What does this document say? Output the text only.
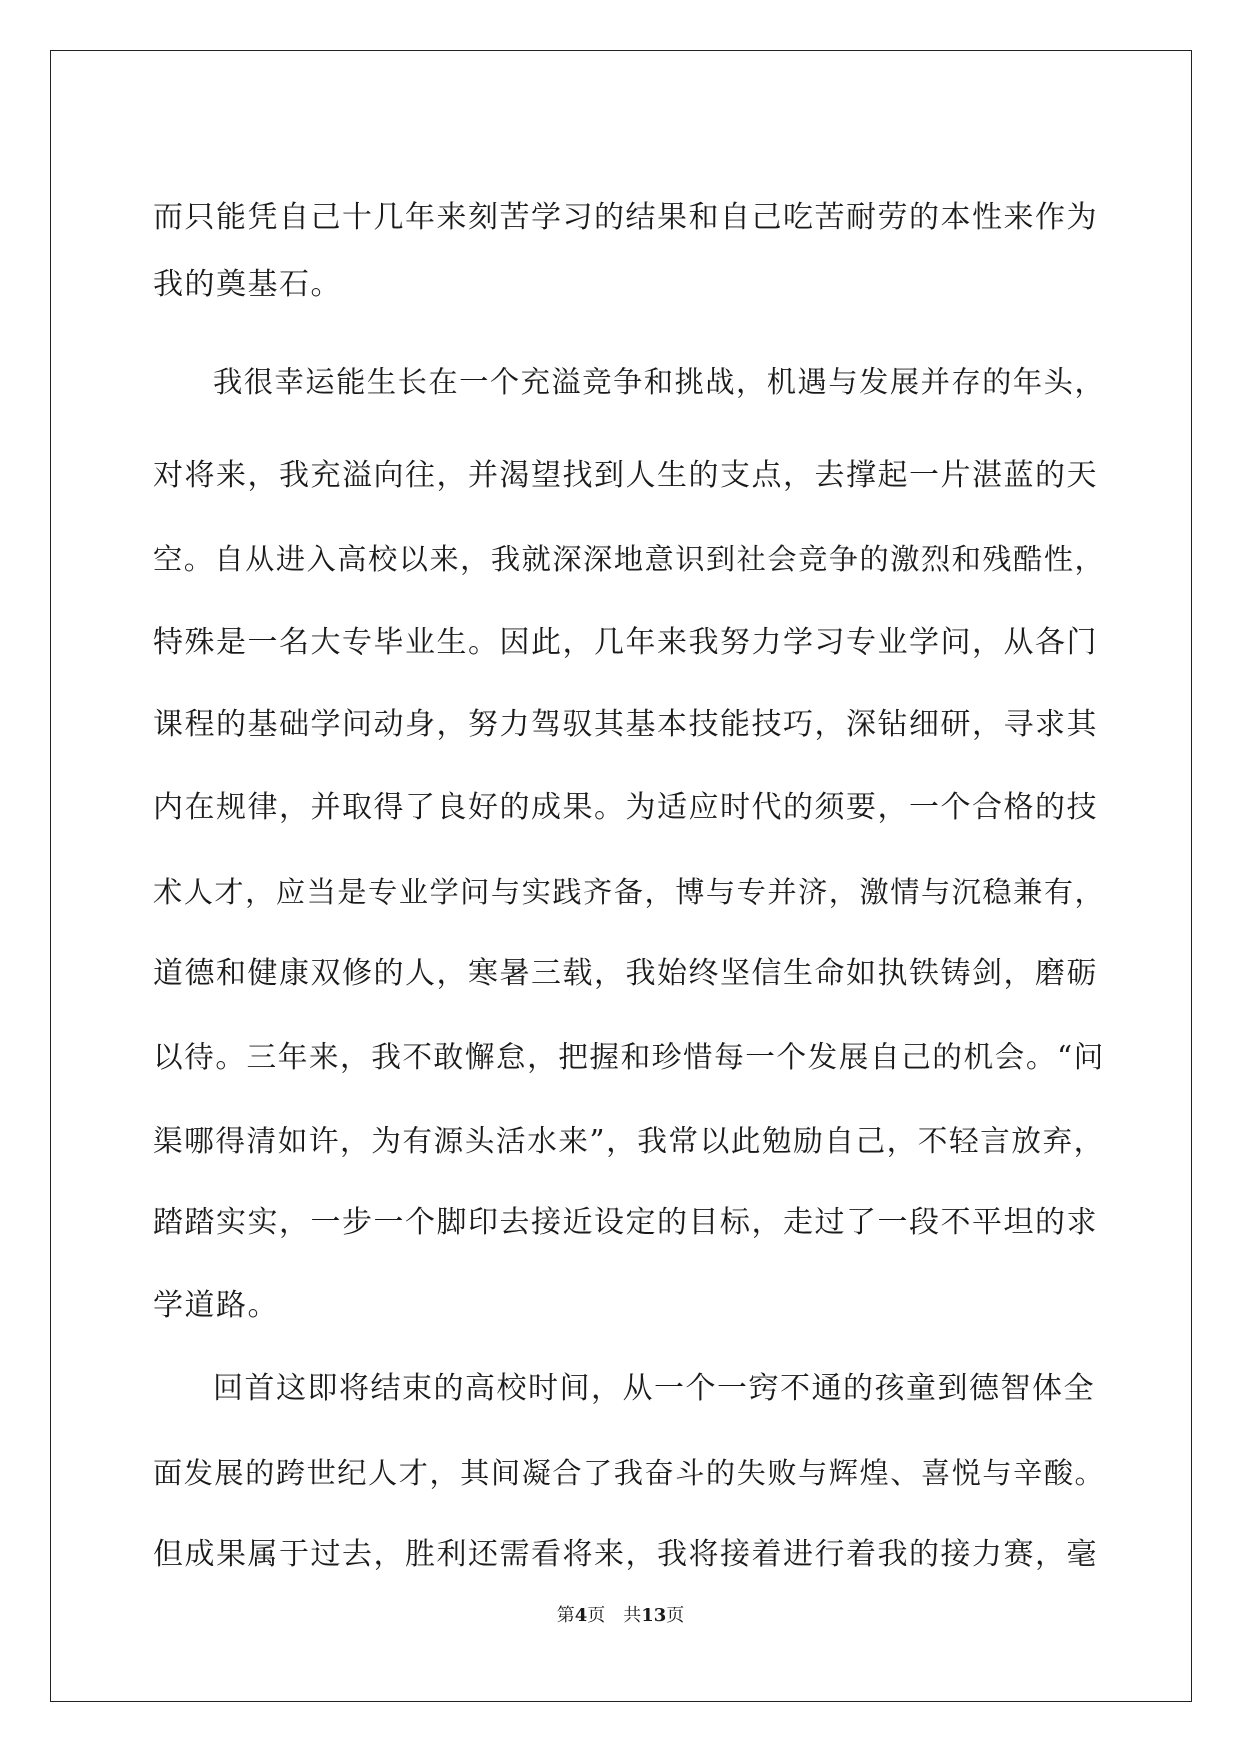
而只能凭自己十几年来刻苦学习的结果和自己吃苦耐劳的本性来作为
我的奠基石。
我很幸运能生长在一个充溢竞争和挑战，机遇与发展并存的年头，
对将来，我充溢向往，并渴望找到人生的支点，去撑起一片湛蓝的天
空。自从进入高校以来，我就深深地意识到社会竞争的激烈和残酷性，
特殊是一名大专毕业生。因此，几年来我努力学习专业学问，从各门
课程的基础学问动身，努力驾驭其基本技能技巧，深钻细研，寻求其
内在规律，并取得了良好的成果。为适应时代的须要，一个合格的技
术人才，应当是专业学问与实践齐备，博与专并济，激情与沉稳兼有，
道德和健康双修的人，寒暑三载，我始终坚信生命如执铁铸剑，磨砺
以待。三年来，我不敢懈怠，把握和珍惜每一个发展自己的机会。“问
渠哪得清如许，为有源头活水来”，我常以此勉励自己，不轻言放弃，
踏踏实实，一步一个脚印去接近设定的目标，走过了一段不平坦的求
学道路。
回首这即将结束的高校时间，从一个一窍不通的孩童到德智体全
面发展的跨世纪人才，其间凝合了我奋斗的失败与辉煌、喜悦与辛酸。
但成果属于过去，胜利还需看将来，我将接着进行着我的接力赛，毫
第4页 共13页
